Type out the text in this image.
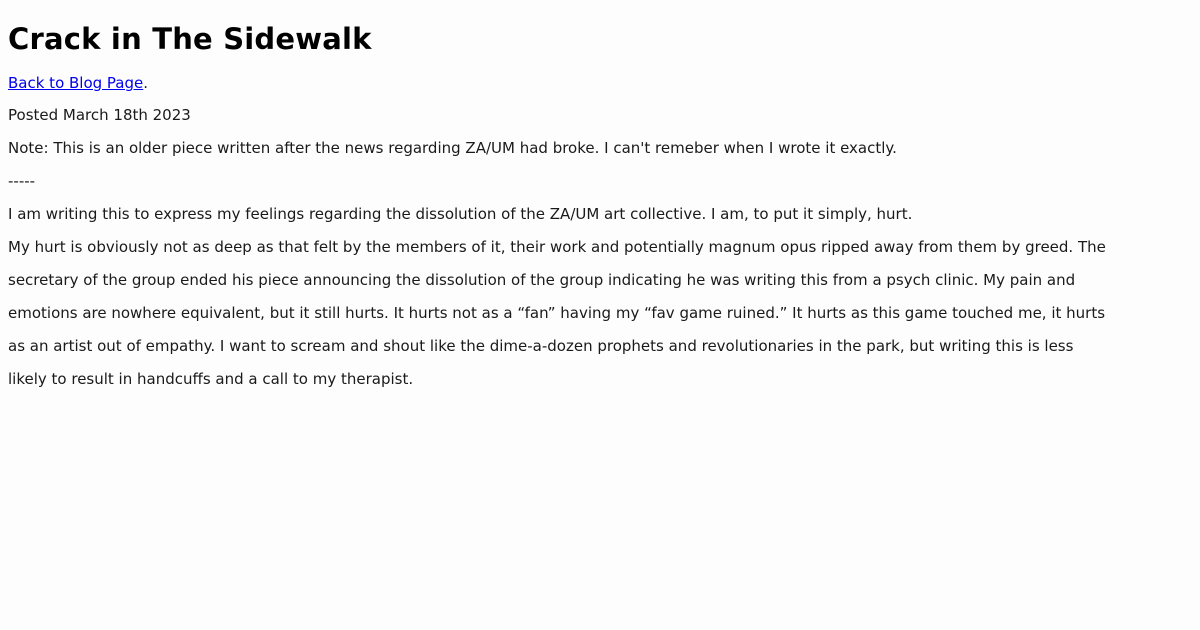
Crack in The Sidewalk

Back to Blog Page.

Posted March 18th 2023

Note: This is an older piece written after the news regarding ZA/UM had broke. I can't remeber when I wrote it exactly.

-----

I am writing this to express my feelings regarding the dissolution of the ZA/UM art collective. I am, to put it simply, hurt.

My hurt is obviously not as deep as that felt by the members of it, their work and potentially magnum opus ripped away from them by greed. The secretary of the group ended his piece announcing the dissolution of the group indicating he was writing this from a psych clinic. My pain and emotions are nowhere equivalent, but it still hurts. It hurts not as a “fan” having my “fav game ruined.” It hurts as this game touched me, it hurts as an artist out of empathy. I want to scream and shout like the dime-a-dozen prophets and revolutionaries in the park, but writing this is less likely to result in handcuffs and a call to my therapist.
